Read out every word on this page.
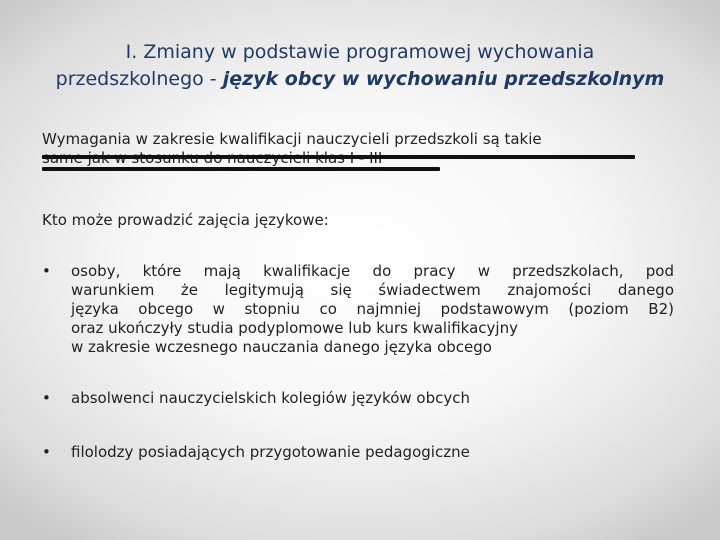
I. Zmiany w podstawie programowej wychowania
przedszkolnego - język obcy w wychowaniu przedszkolnym
Wymagania w zakresie kwalifikacji nauczycieli przedszkoli są takie
Kto może prowadzić zajęcia językowe:
• osoby, które mają kwalifikacje do pracy w przedszkolach, pod
warunkiem że legitymują się świadectwem znajomości danego
języka obcego w stopniu co najmniej podstawowym (poziom B2)
oraz ukończyły studia podyplomowe lub kurs kwalifikacyjny
w zakresie wczesnego nauczania danego języka obcego
• absolwenci nauczycielskich kolegiów języków obcych
• filolodzy posiadających przygotowanie pedagogiczne
